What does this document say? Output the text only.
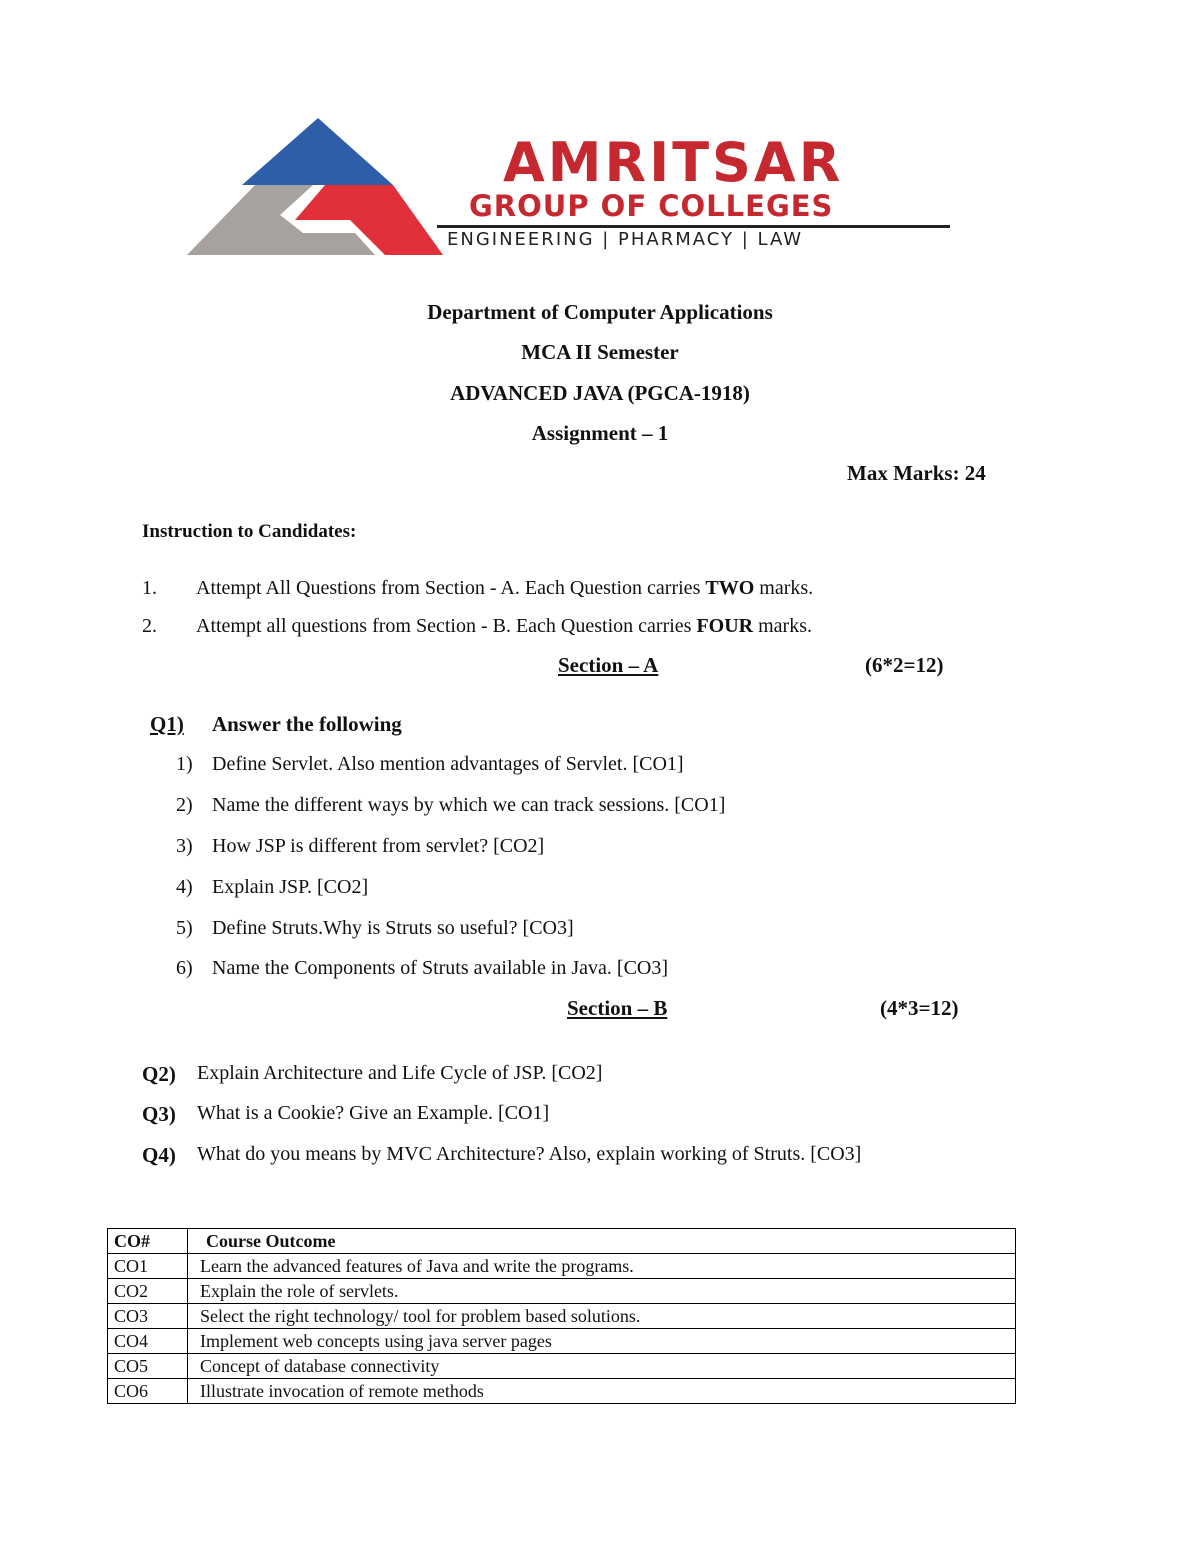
AMRITSAR
GROUP OF COLLEGES
ENGINEERING | PHARMACY | LAW
Department of Computer Applications
MCA II Semester
ADVANCED JAVA (PGCA-1918)
Assignment – 1
Max Marks: 24
Instruction to Candidates:
1. Attempt All Questions from Section - A. Each Question carries TWO marks.
2. Attempt all questions from Section - B. Each Question carries FOUR marks.
Section – A	(6*2=12)
Q1) Answer the following
1) Define Servlet. Also mention advantages of Servlet. [CO1]
2) Name the different ways by which we can track sessions. [CO1]
3) How JSP is different from servlet? [CO2]
4) Explain JSP. [CO2]
5) Define Struts.Why is Struts so useful? [CO3]
6) Name the Components of Struts available in Java. [CO3]
Section – B	(4*3=12)
Q2) Explain Architecture and Life Cycle of JSP. [CO2]
Q3) What is a Cookie? Give an Example. [CO1]
Q4) What do you means by MVC Architecture? Also, explain working of Struts. [CO3]
CO#	Course Outcome
CO1	Learn the advanced features of Java and write the programs.
CO2	Explain the role of servlets.
CO3	Select the right technology/ tool for problem based solutions.
CO4	Implement web concepts using java server pages
CO5	Concept of database connectivity
CO6	Illustrate invocation of remote methods
